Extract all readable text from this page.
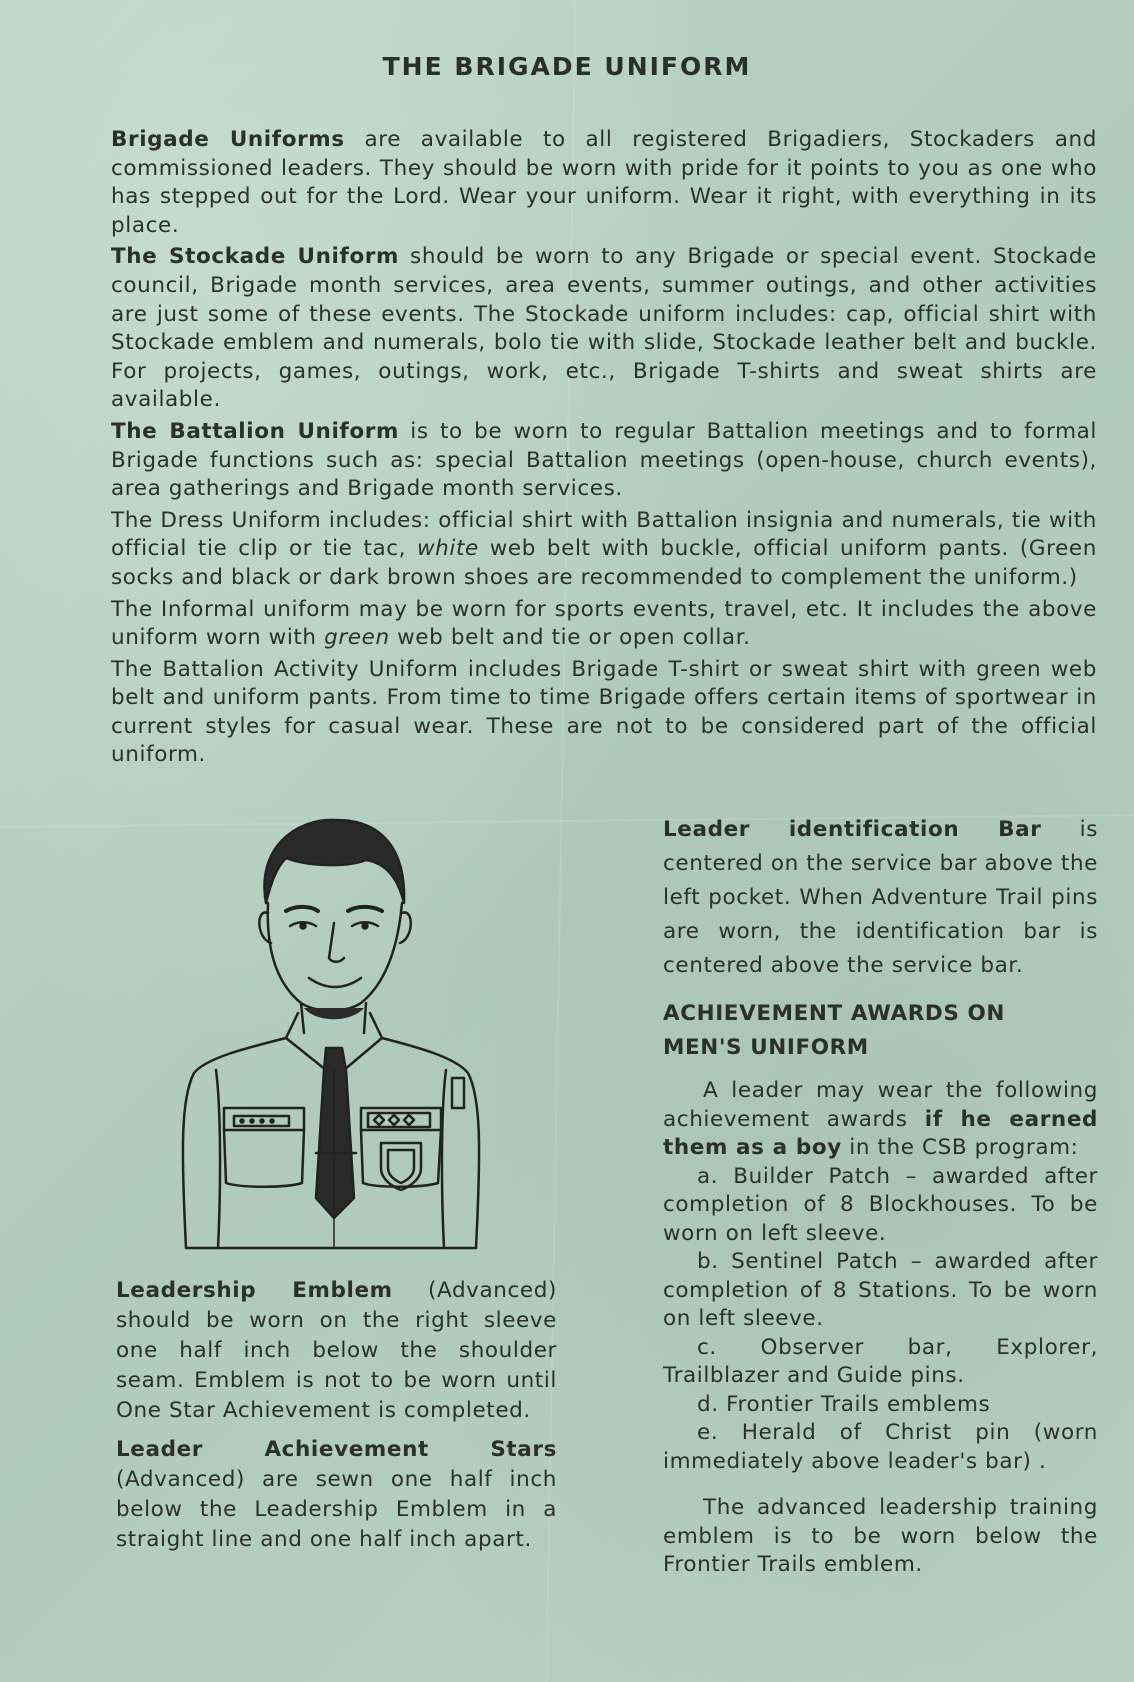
THE BRIGADE UNIFORM

Brigade Uniforms are available to all registered Brigadiers, Stockaders and commissioned leaders. They should be worn with pride for it points to you as one who has stepped out for the Lord. Wear your uniform. Wear it right, with everything in its place.

The Stockade Uniform should be worn to any Brigade or special event. Stockade council, Brigade month services, area events, summer outings, and other activities are just some of these events. The Stockade uniform includes: cap, official shirt with Stockade emblem and numerals, bolo tie with slide, Stockade leather belt and buckle. For projects, games, outings, work, etc., Brigade T-shirts and sweat shirts are available.

The Battalion Uniform is to be worn to regular Battalion meetings and to formal Brigade functions such as: special Battalion meetings (open-house, church events), area gatherings and Brigade month services.

The Dress Uniform includes: official shirt with Battalion insignia and numerals, tie with official tie clip or tie tac, white web belt with buckle, official uniform pants. (Green socks and black or dark brown shoes are recommended to complement the uniform.)

The Informal uniform may be worn for sports events, travel, etc. It includes the above uniform worn with green web belt and tie or open collar.

The Battalion Activity Uniform includes Brigade T-shirt or sweat shirt with green web belt and uniform pants. From time to time Brigade offers certain items of sportwear in current styles for casual wear. These are not to be considered part of the official uniform.

Leadership Emblem (Advanced) should be worn on the right sleeve one half inch below the shoulder seam. Emblem is not to be worn until One Star Achievement is completed.

Leader Achievement Stars (Advanced) are sewn one half inch below the Leadership Emblem in a straight line and one half inch apart.

Leader identification Bar is centered on the service bar above the left pocket. When Adventure Trail pins are worn, the identification bar is centered above the service bar.

ACHIEVEMENT AWARDS ON
MEN'S UNIFORM

A leader may wear the following achievement awards if he earned them as a boy in the CSB program:

a. Builder Patch – awarded after completion of 8 Blockhouses. To be worn on left sleeve.

b. Sentinel Patch – awarded after completion of 8 Stations. To be worn on left sleeve.

c. Observer bar, Explorer, Trailblazer and Guide pins.

d. Frontier Trails emblems

e. Herald of Christ pin (worn immediately above leader's bar) .

The advanced leadership training emblem is to be worn below the Frontier Trails emblem.
